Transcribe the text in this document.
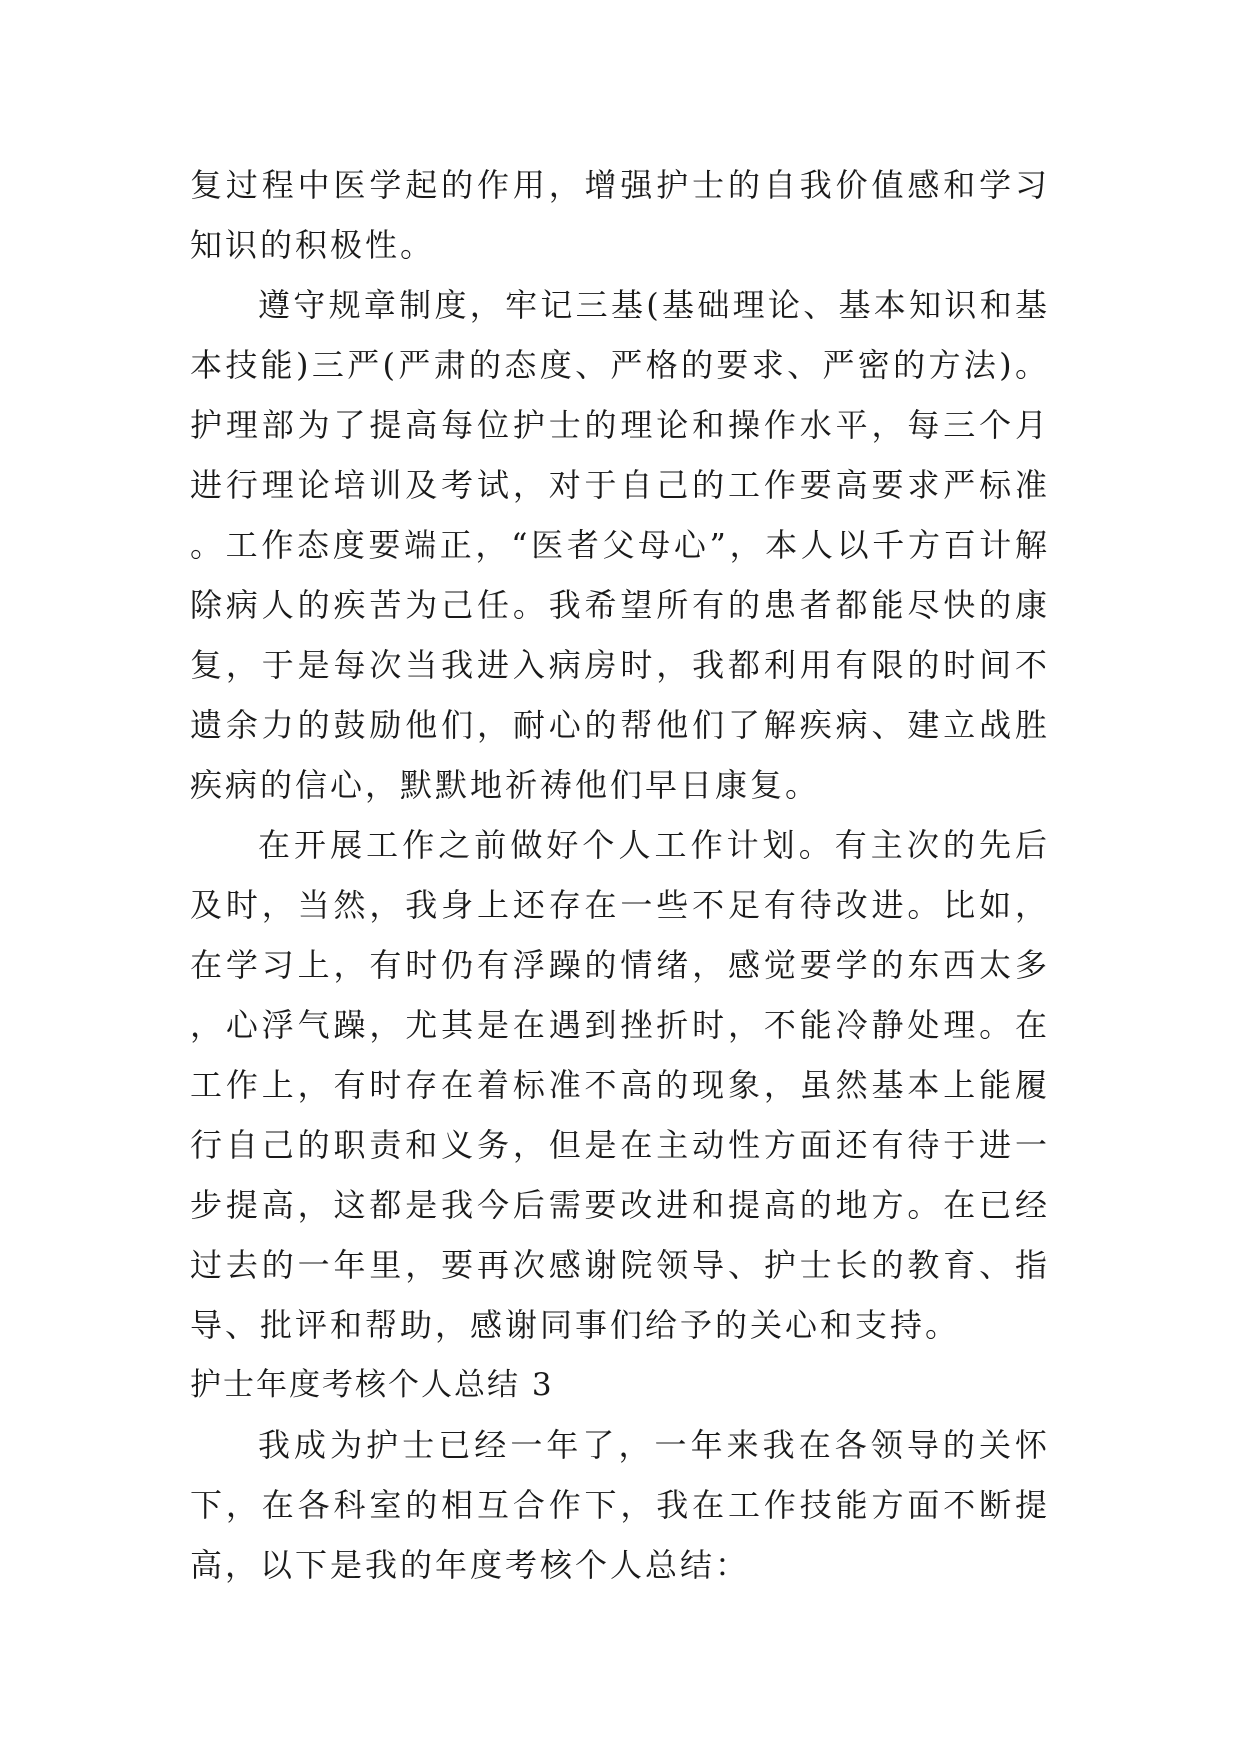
复过程中医学起的作用，增强护士的自我价值感和学习知识的积极性。

遵守规章制度，牢记三基(基础理论、基本知识和基本技能)三严(严肃的态度、严格的要求、严密的方法)。护理部为了提高每位护士的理论和操作水平，每三个月进行理论培训及考试，对于自己的工作要高要求严标准。工作态度要端正，“医者父母心”，本人以千方百计解除病人的疾苦为己任。我希望所有的患者都能尽快的康复，于是每次当我进入病房时，我都利用有限的时间不遗余力的鼓励他们，耐心的帮他们了解疾病、建立战胜疾病的信心，默默地祈祷他们早日康复。

在开展工作之前做好个人工作计划。有主次的先后及时，当然，我身上还存在一些不足有待改进。比如，在学习上，有时仍有浮躁的情绪，感觉要学的东西太多，心浮气躁，尤其是在遇到挫折时，不能冷静处理。在工作上，有时存在着标准不高的现象，虽然基本上能履行自己的职责和义务，但是在主动性方面还有待于进一步提高，这都是我今后需要改进和提高的地方。在已经过去的一年里，要再次感谢院领导、护士长的教育、指导、批评和帮助，感谢同事们给予的关心和支持。

护士年度考核个人总结 3

我成为护士已经一年了，一年来我在各领导的关怀下，在各科室的相互合作下，我在工作技能方面不断提高，以下是我的年度考核个人总结：
